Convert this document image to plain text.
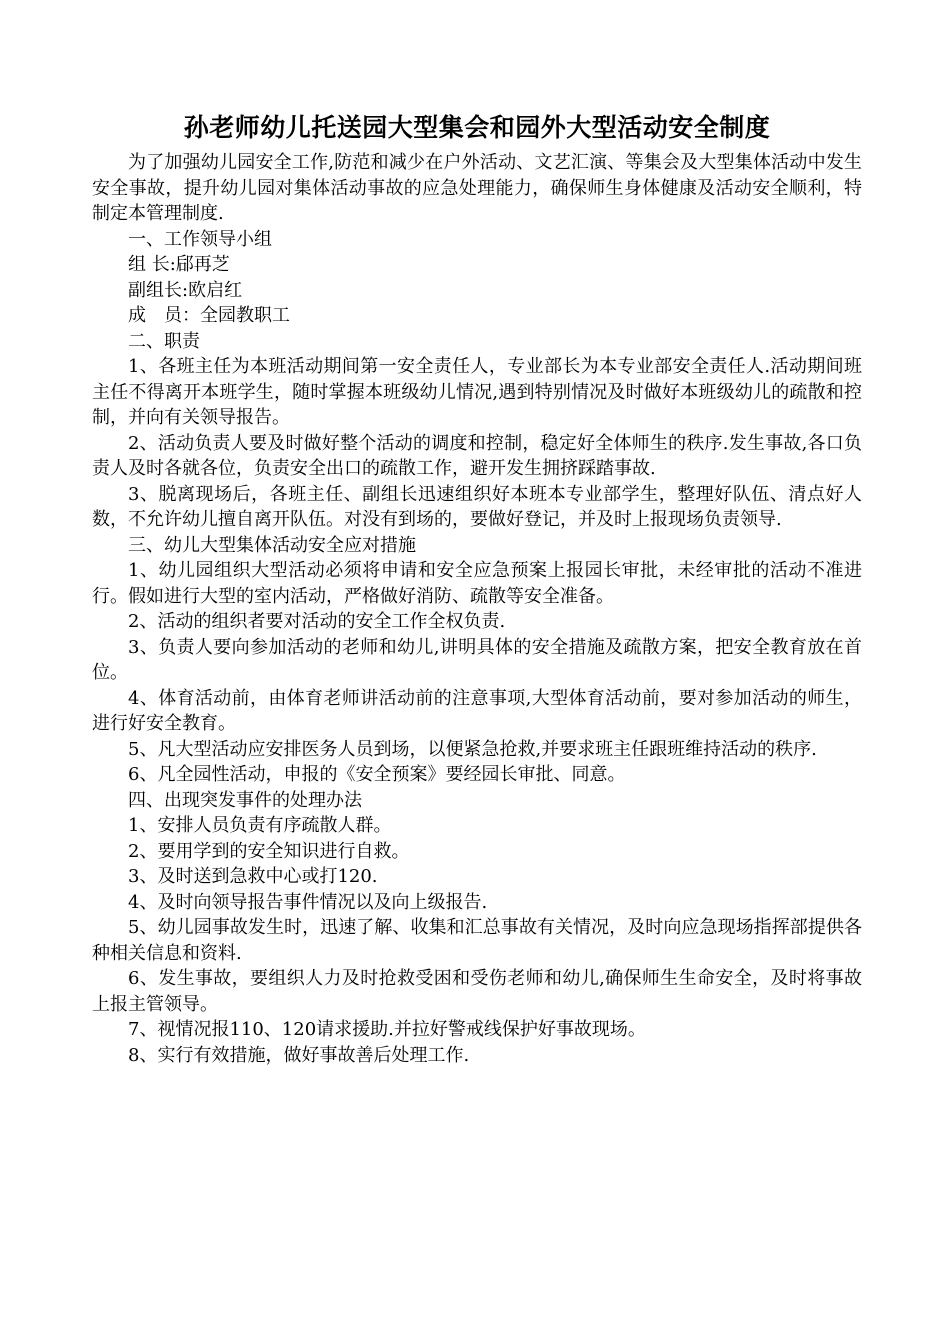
孙老师幼儿托送园大型集会和园外大型活动安全制度

为了加强幼儿园安全工作,防范和减少在户外活动、文艺汇演、等集会及大型集体活动中发生安全事故，提升幼儿园对集体活动事故的应急处理能力，确保师生身体健康及活动安全顺利，特制定本管理制度.

一、工作领导小组

组 长:郈再芝

副组长:欧启红

成　员：全园教职工

二、职责

1、各班主任为本班活动期间第一安全责任人，专业部长为本专业部安全责任人.活动期间班主任不得离开本班学生，随时掌握本班级幼儿情况,遇到特别情况及时做好本班级幼儿的疏散和控制，并向有关领导报告。

2、活动负责人要及时做好整个活动的调度和控制，稳定好全体师生的秩序.发生事故,各口负责人及时各就各位，负责安全出口的疏散工作，避开发生拥挤踩踏事故.

3、脱离现场后，各班主任、副组长迅速组织好本班本专业部学生，整理好队伍、清点好人数，不允许幼儿擅自离开队伍。对没有到场的，要做好登记，并及时上报现场负责领导.

三、幼儿大型集体活动安全应对措施

1、幼儿园组织大型活动必须将申请和安全应急预案上报园长审批，未经审批的活动不准进行。假如进行大型的室内活动，严格做好消防、疏散等安全准备。

2、活动的组织者要对活动的安全工作全权负责.

3、负责人要向参加活动的老师和幼儿,讲明具体的安全措施及疏散方案，把安全教育放在首位。

4、体育活动前，由体育老师讲活动前的注意事项,大型体育活动前，要对参加活动的师生，进行好安全教育。

5、凡大型活动应安排医务人员到场，以便紧急抢救,并要求班主任跟班维持活动的秩序.

6、凡全园性活动，申报的《安全预案》要经园长审批、同意。

四、出现突发事件的处理办法

1、安排人员负责有序疏散人群。

2、要用学到的安全知识进行自救。

3、及时送到急救中心或打120.

4、及时向领导报告事件情况以及向上级报告.

5、幼儿园事故发生时，迅速了解、收集和汇总事故有关情况，及时向应急现场指挥部提供各种相关信息和资料.

6、发生事故，要组织人力及时抢救受困和受伤老师和幼儿,确保师生生命安全，及时将事故上报主管领导。

7、视情况报110、120请求援助.并拉好警戒线保护好事故现场。

8、实行有效措施，做好事故善后处理工作.
